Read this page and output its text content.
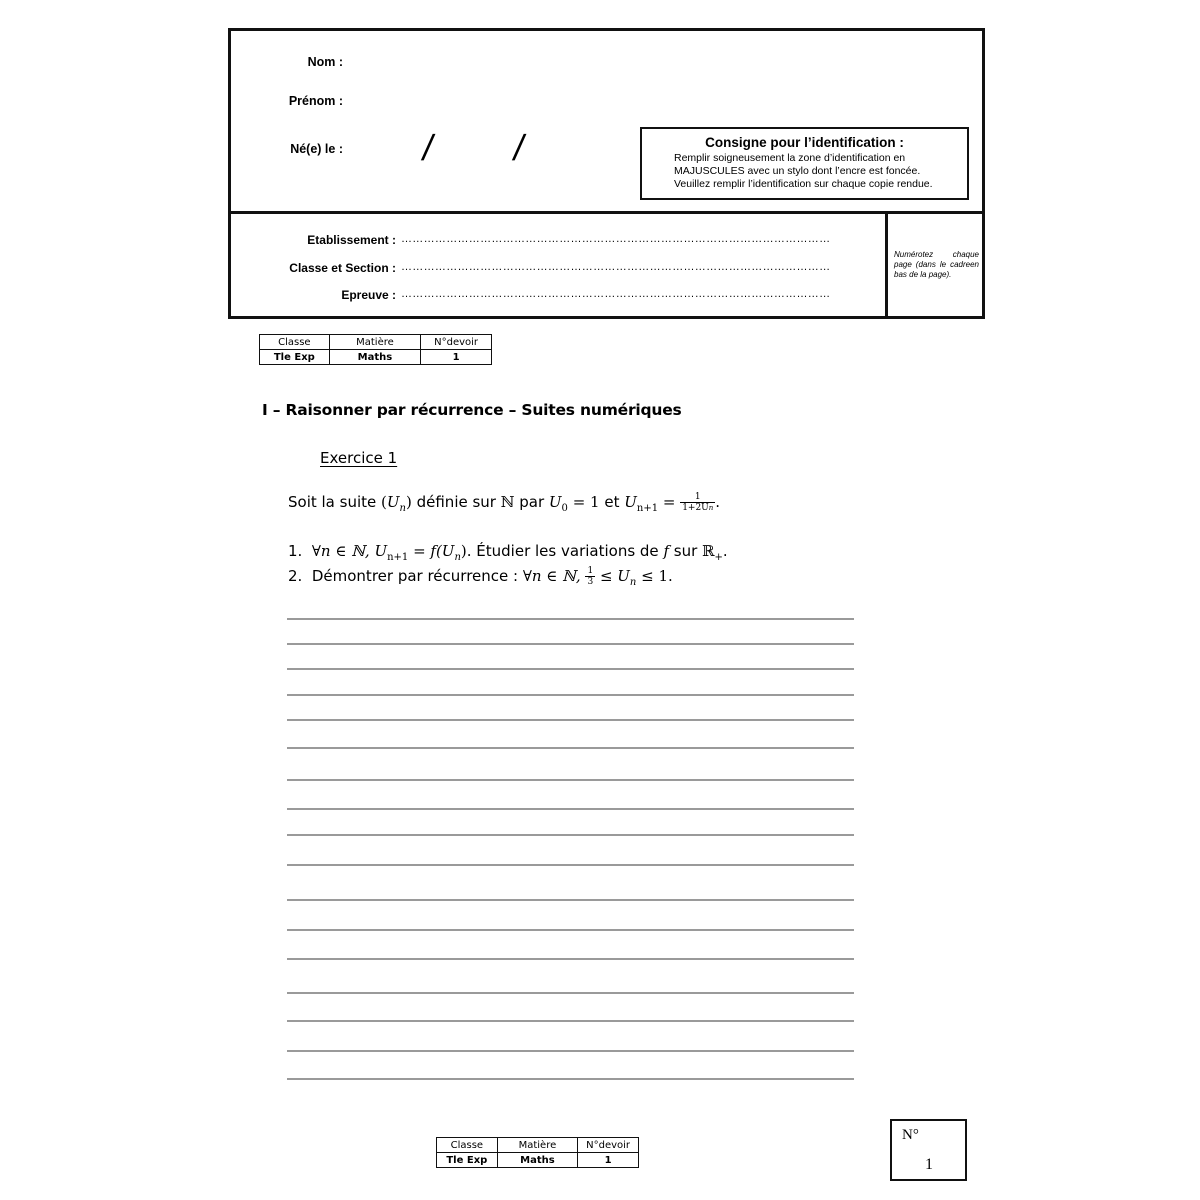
Nom :
Prénom :
Né(e) le : / /	Consigne pour l’identification :
Remplir soigneusement la zone d’identification en
MAJUSCULES avec un stylo dont l’encre est foncée.
Veuillez remplir l’identification sur chaque copie rendue.
Etablissement : ……………………………………………………………………………………………………
Classe et Section : ……………………………………………………………………………………………………
Epreuve : ……………………………………………………………………………………………………
Numérotez chaque page (dans le cadreen bas de la page).
Classe	Matière	N°devoir
Tle Exp	Maths	1
I – Raisonner par récurrence – Suites numériques
Exercice 1
Soit la suite $(U_n)$ définie sur ℕ par $U_0 = 1$ et $U_{n+1} = \frac{1}{1+2Un}$ .
1. ∀n ∈ ℕ, $U_{n+1} = f(U_n)$. Étudier les variations de f sur ℝ$_+$.
2. Démontrer par récurrence : ∀n ∈ ℕ, $\frac{1}{3} \le U_n \le 1$.
Classe	Matière	N°devoir
Tle Exp	Maths	1
N°
1
